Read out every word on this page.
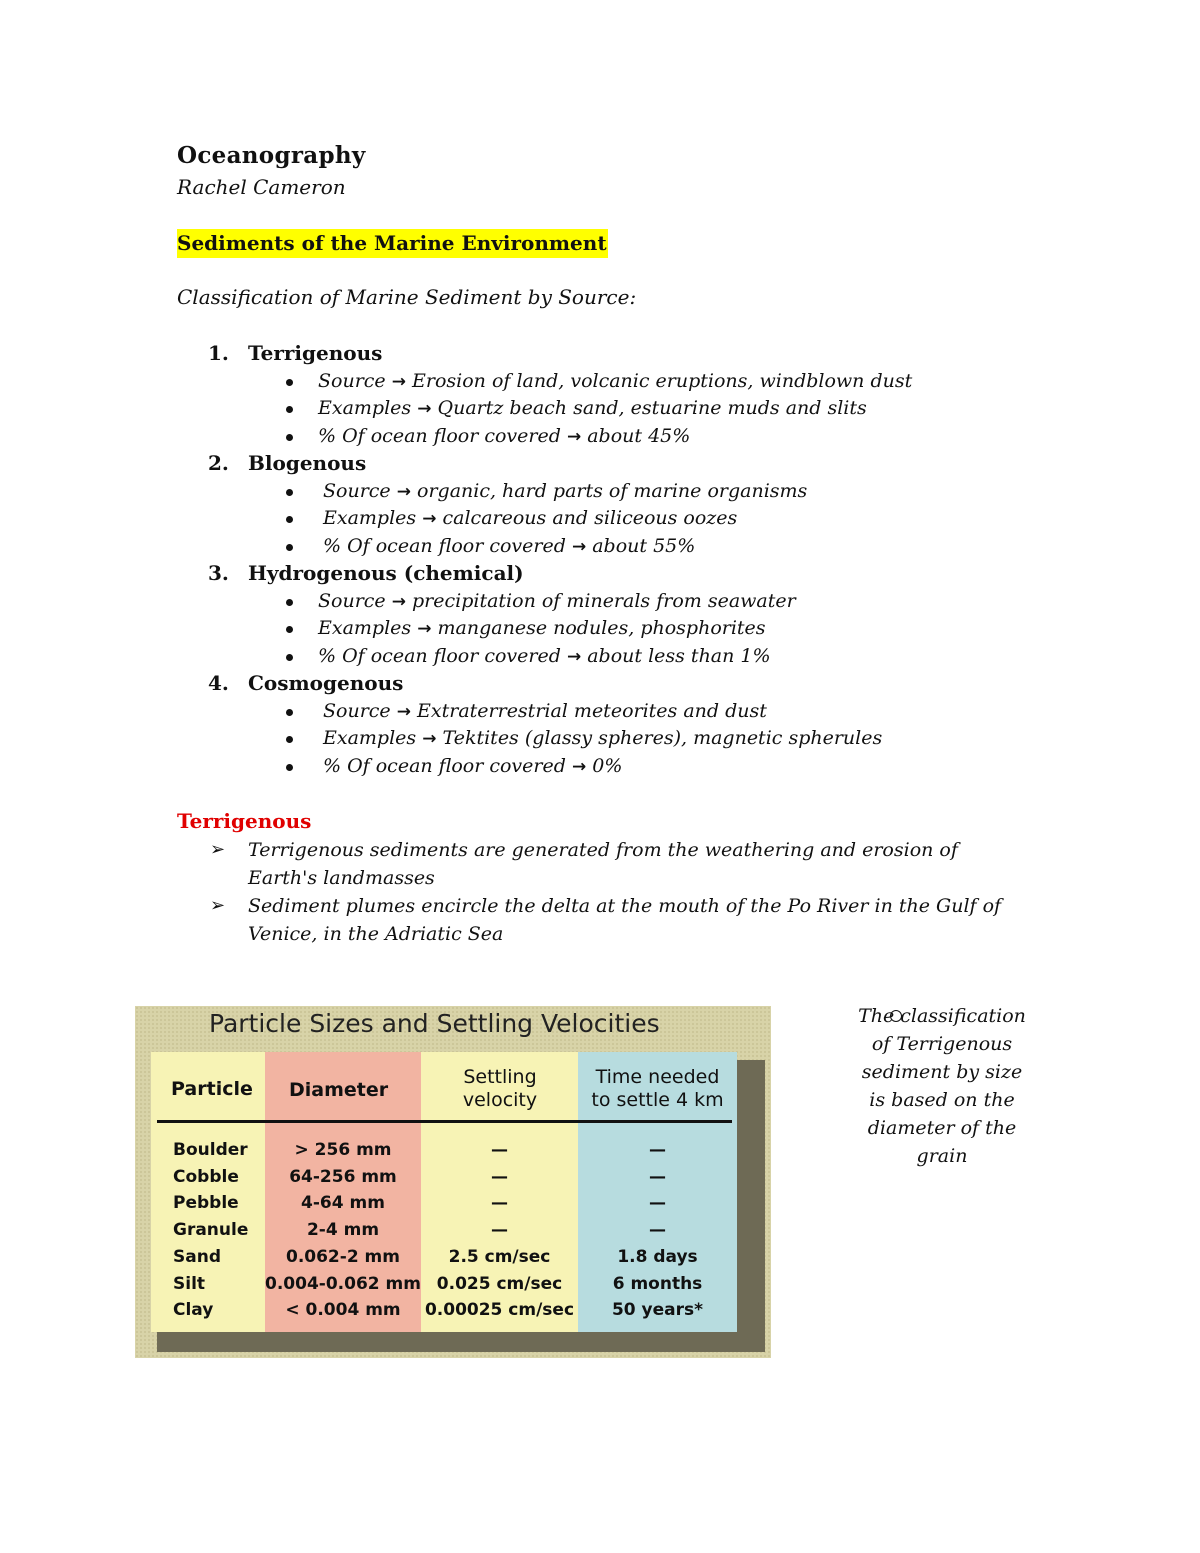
Oceanography
Rachel Cameron
Sediments of the Marine Environment
Classification of Marine Sediment by Source:
1. Terrigenous
Source → Erosion of land, volcanic eruptions, windblown dust
Examples → Quartz beach sand, estuarine muds and slits
% Of ocean floor covered → about 45%
2. Blogenous
Source → organic, hard parts of marine organisms
Examples → calcareous and siliceous oozes
% Of ocean floor covered → about 55%
3. Hydrogenous (chemical)
Source → precipitation of minerals from seawater
Examples → manganese nodules, phosphorites
% Of ocean floor covered → about less than 1%
4. Cosmogenous
Source → Extraterrestrial meteorites and dust
Examples → Tektites (glassy spheres), magnetic spherules
% Of ocean floor covered → 0%
Terrigenous
➢ Terrigenous sediments are generated from the weathering and erosion of Earth's landmasses
➢ Sediment plumes encircle the delta at the mouth of the Po River in the Gulf of Venice, in the Adriatic Sea
Particle Sizes and Settling Velocities
Particle Diameter
Settling
velocity
Time needed
to settle 4 km
Boulder	> 256 mm	—	—
Cobble	64-256 mm	—	—
Pebble	4-64 mm	—	—
Granule	2-4 mm	—	—
Sand	0.062-2 mm	2.5 cm/sec	1.8 days
Silt	0.004-0.062 mm 0.025 cm/sec	6 months
Clay	< 0.004 mm	0.00025 cm/sec	50 years*
The classification of Terrigenous sediment by size is based on the diameter of the grain
